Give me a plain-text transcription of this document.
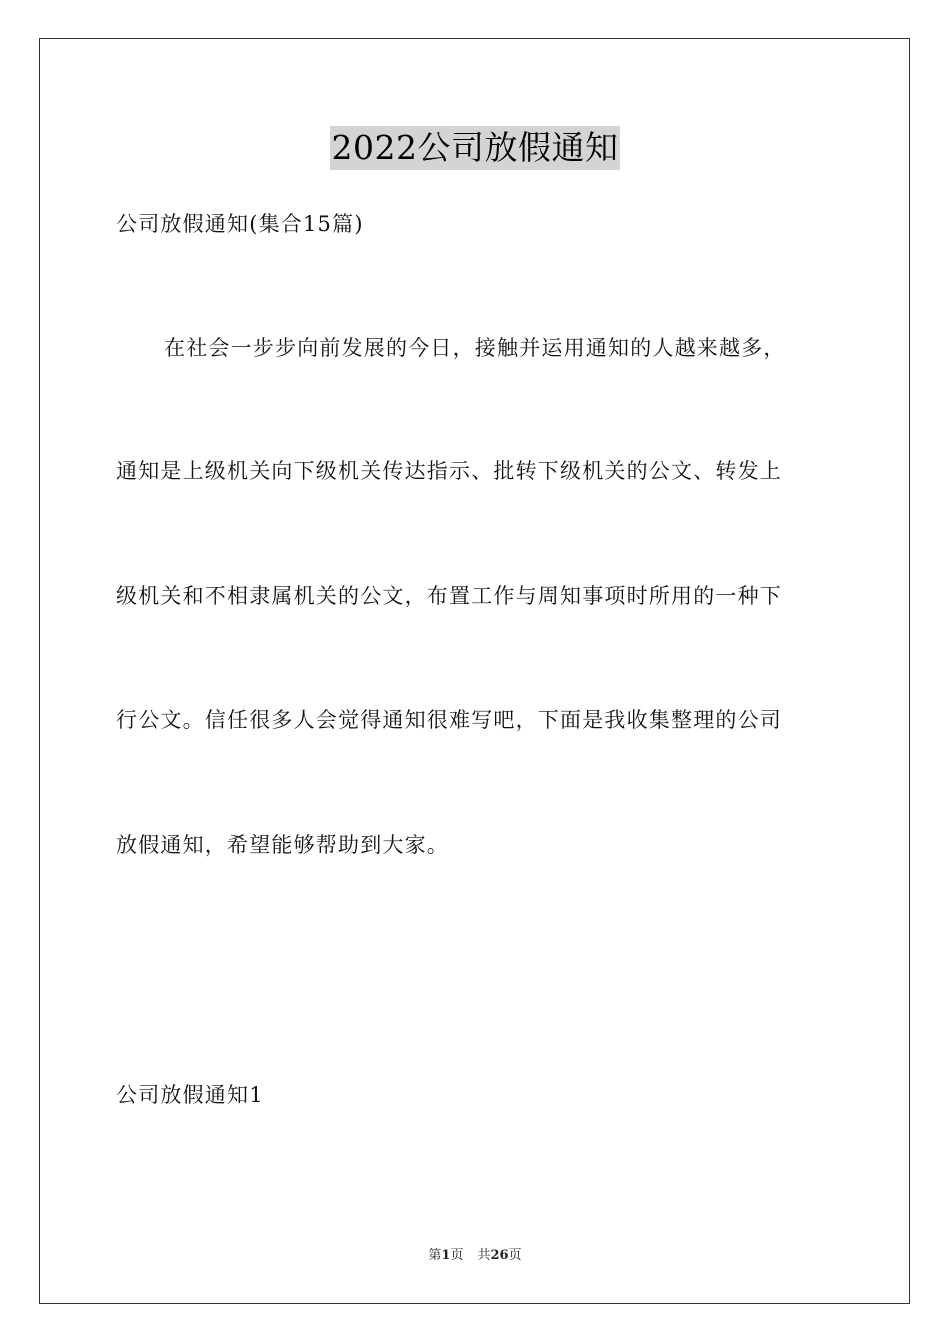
2022公司放假通知
公司放假通知(集合15篇)
在社会一步步向前发展的今日，接触并运用通知的人越来越多，
通知是上级机关向下级机关传达指示、批转下级机关的公文、转发上
级机关和不相隶属机关的公文，布置工作与周知事项时所用的一种下
行公文。信任很多人会觉得通知很难写吧，下面是我收集整理的公司
放假通知，希望能够帮助到大家。
公司放假通知1
第1页 共26页
